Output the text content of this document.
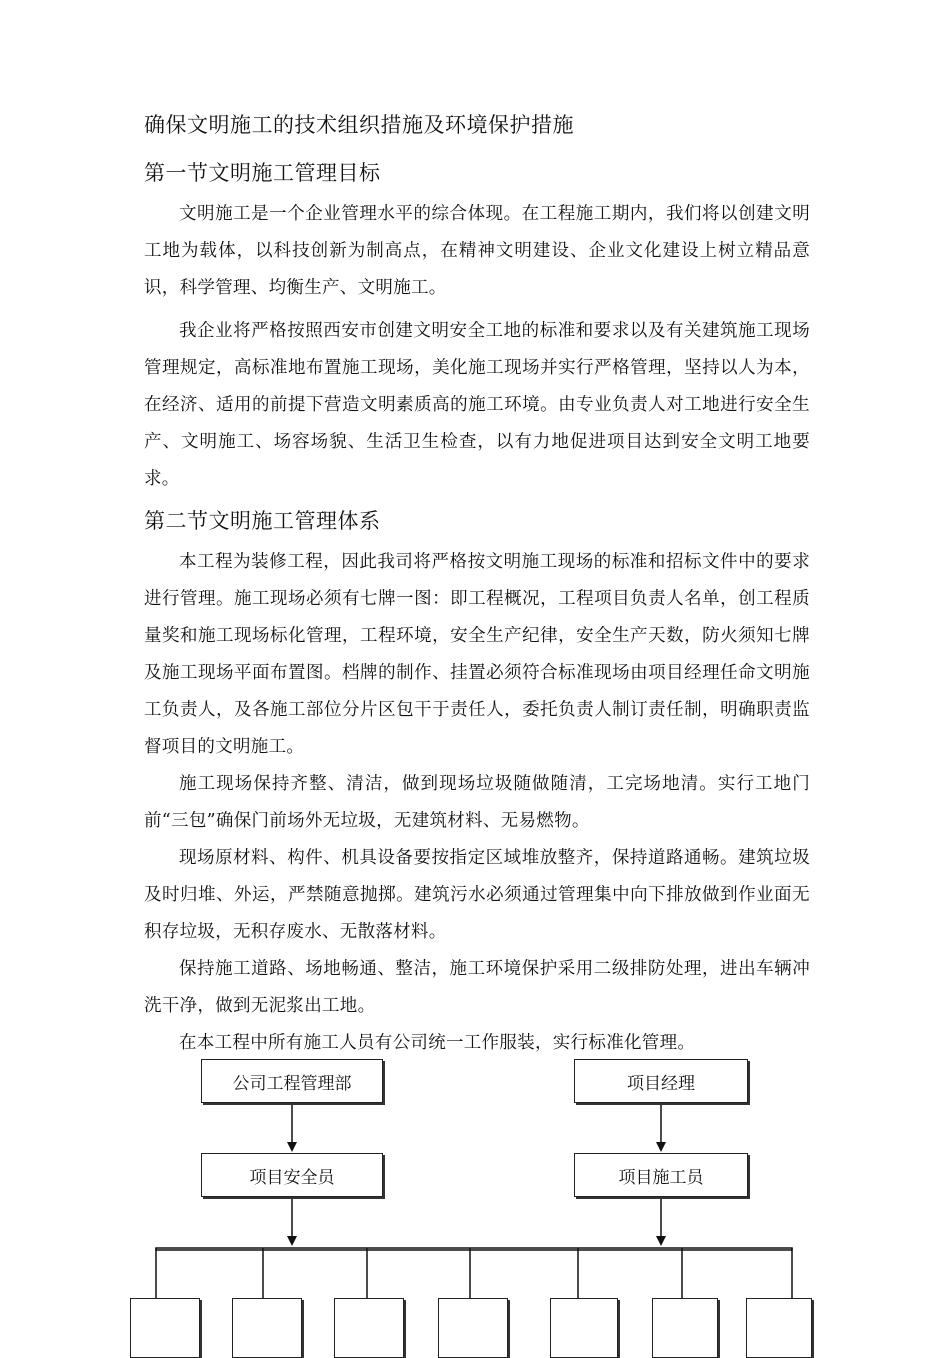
确保文明施工的技术组织措施及环境保护措施
第一节文明施工管理目标

文明施工是一个企业管理水平的综合体现。在工程施工期内，我们将以创建文明工地为载体，以科技创新为制高点，在精神文明建设、企业文化建设上树立精品意识，科学管理、均衡生产、文明施工。

我企业将严格按照西安市创建文明安全工地的标准和要求以及有关建筑施工现场管理规定，高标准地布置施工现场，美化施工现场并实行严格管理，坚持以人为本，在经济、适用的前提下营造文明素质高的施工环境。由专业负责人对工地进行安全生产、文明施工、场容场貌、生活卫生检查，以有力地促进项目达到安全文明工地要求。

第二节文明施工管理体系

本工程为装修工程，因此我司将严格按文明施工现场的标准和招标文件中的要求进行管理。施工现场必须有七牌一图：即工程概况，工程项目负责人名单，创工程质量奖和施工现场标化管理，工程环境，安全生产纪律，安全生产天数，防火须知七牌及施工现场平面布置图。档牌的制作、挂置必须符合标准现场由项目经理任命文明施工负责人，及各施工部位分片区包干于责任人，委托负责人制订责任制，明确职责监督项目的文明施工。

施工现场保持齐整、清洁，做到现场垃圾随做随清，工完场地清。实行工地门前“三包”确保门前场外无垃圾，无建筑材料、无易燃物。

现场原材料、构件、机具设备要按指定区域堆放整齐，保持道路通畅。建筑垃圾及时归堆、外运，严禁随意抛掷。建筑污水必须通过管理集中向下排放做到作业面无积存垃圾，无积存废水、无散落材料。

保持施工道路、场地畅通、整洁，施工环境保护采用二级排防处理，进出车辆冲洗干净，做到无泥浆出工地。

在本工程中所有施工人员有公司统一工作服装，实行标准化管理。

公司工程管理部	项目经理
项目安全员	项目施工员
